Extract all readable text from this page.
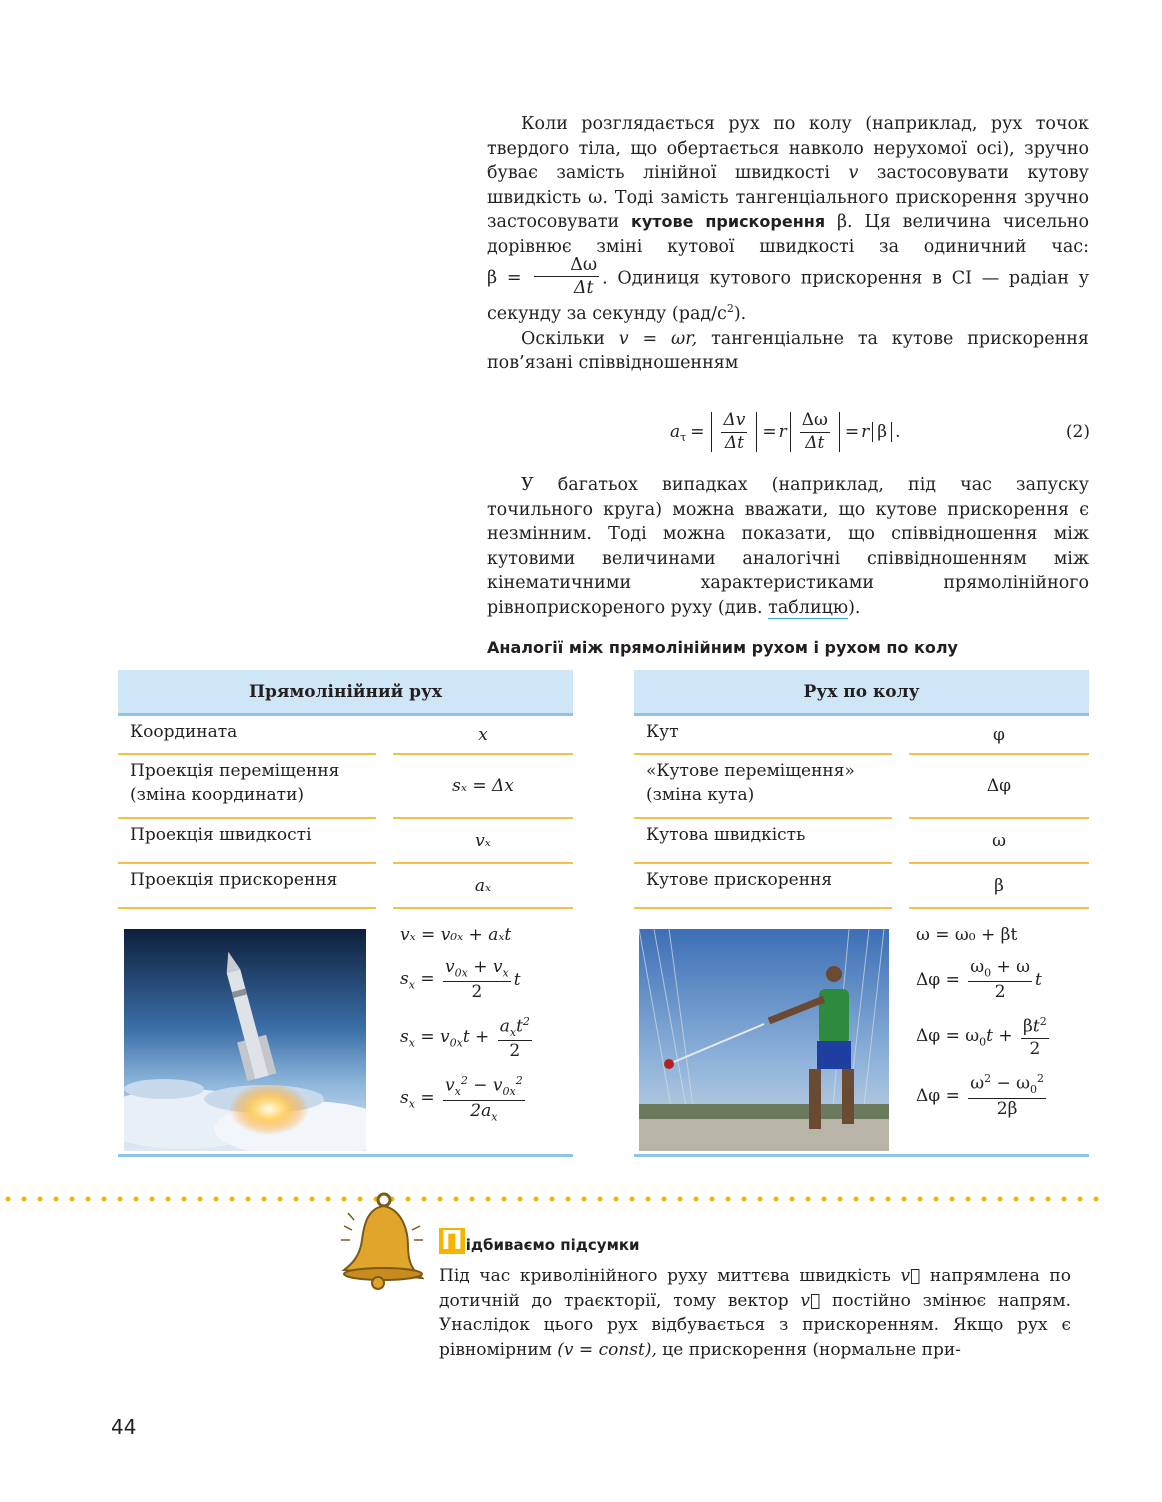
Коли розглядається рух по колу (наприклад, рух точок твердого тіла, що обертається навколо нерухомої осі), зручно буває замість лінійної швидкості v застосовувати кутову швидкість ω. Тоді замість тангенціального прискорення зручно застосовувати кутове прискорення β. Ця величина чисельно дорівнює зміні кутової швидкості за одиничний час: $\beta = \frac{\Delta\omega}{\Delta t}$ . Одиниця кутового прискорення в СІ — радіан у секунду за секунду $(рад/с^2)$.

Оскільки v = ωr, тангенціальне та кутове прискорення пов’язані співвідношенням

$a_\tau = \frac{\Delta v}{\Delta t} = r \frac{\Delta\omega}{\Delta t} = r$ β .	(2)

У багатьох випадках (наприклад, під час запуску точильного круга) можна вважати, що кутове прискорення є незмінним. Тоді можна показати, що співвідношення між кутовими величинами аналогічні співвідношенням між кінематичними характеристиками прямолінійного рівноприскореного руху (див. таблицю).

Аналогії між прямолінійним рухом і рухом по колу
Прямолінійний рух
Координата	x
Проекція переміщення (зміна координати)	sₓ = Δx
Проекція швидкості	vₓ
Проекція прискорення	aₓ
vₓ = v₀ₓ + aₓt
$s_x = \frac{v_{0x} + v_x}{2}$ t
$s_x = v_{0x}t + \frac{a_xt^2}{2}$
$s_x = \frac{v_x^2 - v_{0x}^2}{2a_x}$
Рух по колу
Кут	φ
«Кутове переміщення» (зміна кута)	Δφ
Кутова швидкість	ω
Кутове прискорення	β
ω = ω₀ + βt
$\Delta\varphi = \frac{\omega_0 + \omega}{2}$ t
$\Delta\varphi = \omega_0t + \frac{\beta t^2}{2}$
$\Delta\varphi = \frac{\omega^2 - \omega_0^2}{2\beta}$
П ідбиваємо підсумки

Під час криволінійного руху миттєва швидкість v⃗ напрямлена по дотичній до траєкторії, тому вектор v⃗ постійно змінює напрям. Унаслідок цього рух відбувається з прискоренням. Якщо рух є рівномірним (v = const), це прискорення (нормальне при-

44
